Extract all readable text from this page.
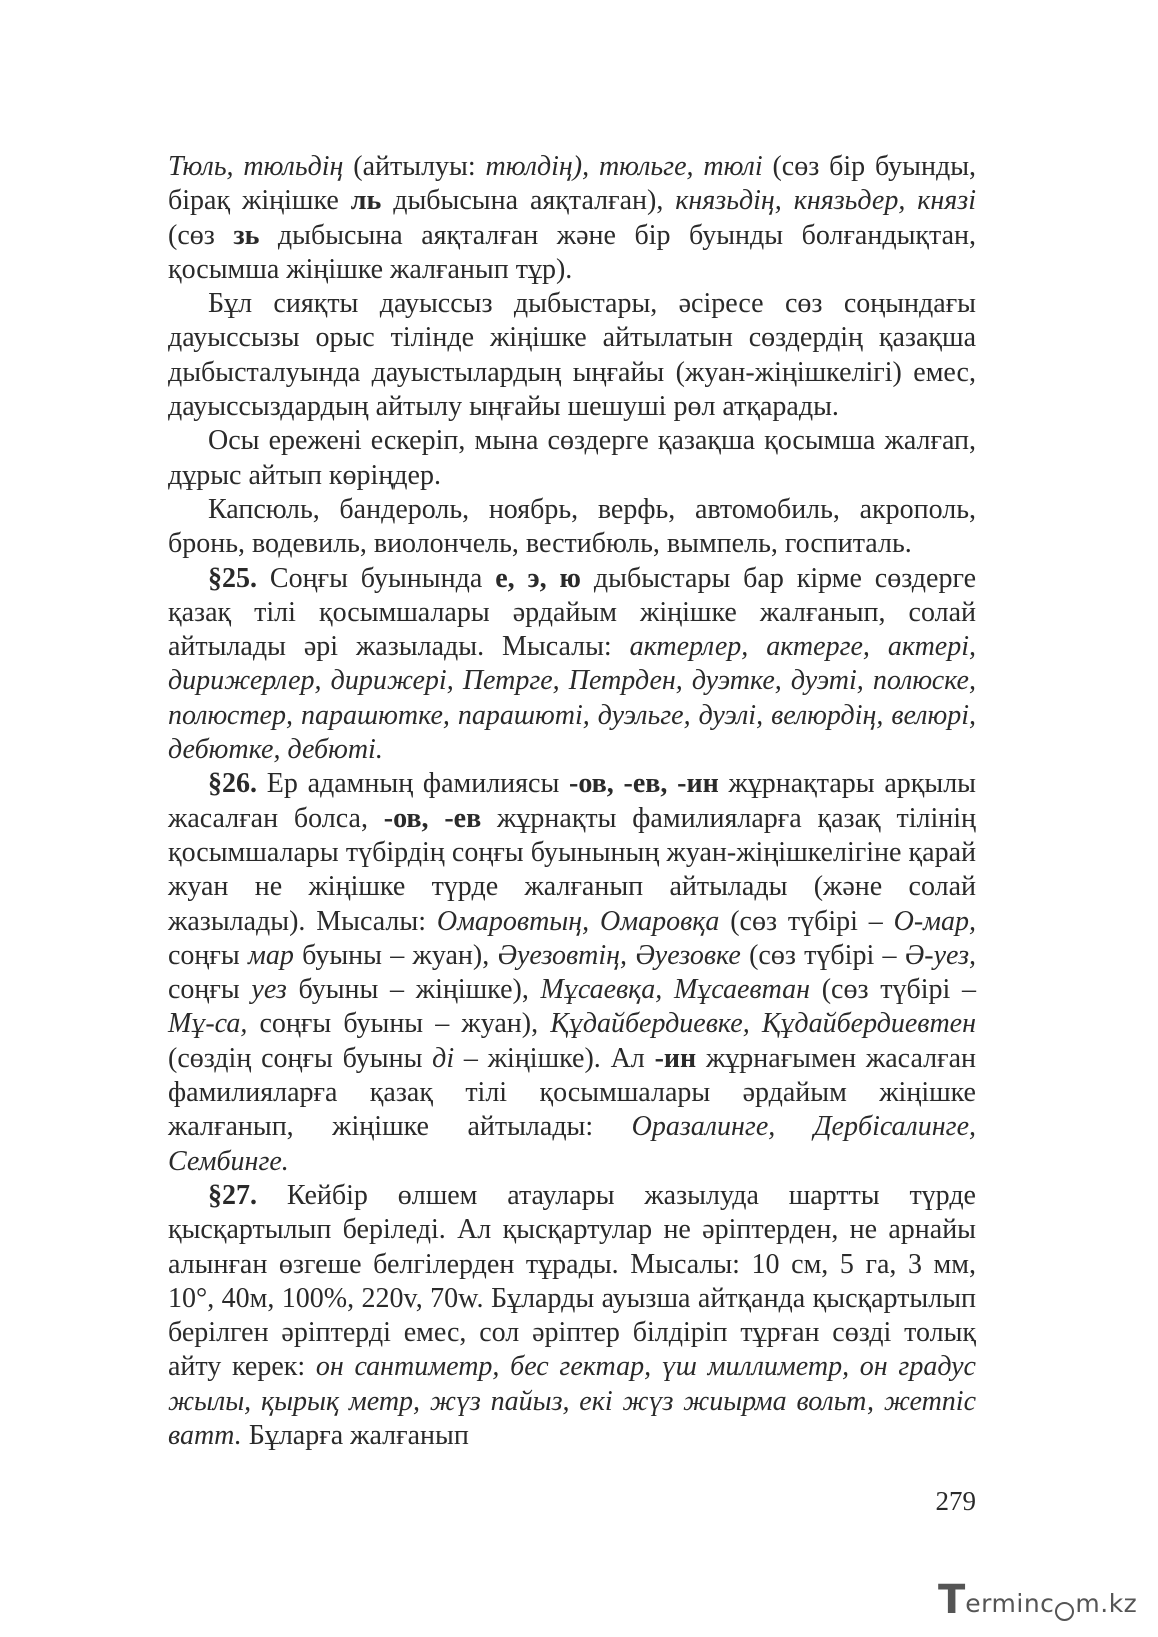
Тюль, тюльдің (айтылуы: тюлдің), тюльге, тюлі (сөз бір буынды, бірақ жіңішке ль дыбысына аяқталған), князьдің, князьдер, князі (сөз зь дыбысына аяқталған және бір буынды болғандықтан, қосымша жіңішке жалғанып тұр).

Бұл сияқты дауыссыз дыбыстары, әсіресе сөз соңындағы дауыссызы орыс тілінде жіңішке айтылатын сөздердің қазақша дыбысталуында дауыстылардың ыңғайы (жуан-жіңішкелігі) емес, дауыссыздардың айтылу ыңғайы шешуші рөл атқарады.

Осы ережені ескеріп, мына сөздерге қазақша қосымша жалғап, дұрыс айтып көріңдер.

Капсюль, бандероль, ноябрь, верфь, автомобиль, акрополь, бронь, водевиль, виолончель, вестибюль, вымпель, госпиталь.

§25. Соңғы буынында е, э, ю дыбыстары бар кірме сөздерге қазақ тілі қосымшалары әрдайым жіңішке жалғанып, солай айтылады әрі жазылады. Мысалы: актерлер, актерге, актері, дирижерлер, дирижері, Петрге, Петрден, дуэтке, дуэті, полюске, полюстер, парашютке, парашюті, дуэльге, дуэлі, велюрдің, велюрі, дебютке, дебюті.

§26. Ер адамның фамилиясы -ов, -ев, -ин жұрнақтары арқылы жасалған болса, -ов, -ев жұрнақты фамилияларға қазақ тілінің қосымшалары түбірдің соңғы буынының жуан-жіңішкелігіне қарай жуан не жіңішке түрде жалғанып айтылады (және солай жазылады). Мысалы: Омаровтың, Омаровқа (сөз түбірі – О-мар, соңғы мар буыны – жуан), Әуезовтің, Әуезовке (сөз түбірі – Ә-уез, соңғы уез буыны – жіңішке), Мұсаевқа, Мұсаевтан (сөз түбірі – Мұ-са, соңғы буыны – жуан), Құдайбердиевке, Құдайбердиевтен (сөздің соңғы буыны ді – жіңішке). Ал -ин жұрнағымен жасалған фамилияларға қазақ тілі қосымшалары әрдайым жіңішке жалғанып, жіңішке айтылады: Оразалинге, Дербісалинге, Сембинге.

§27. Кейбір өлшем атаулары жазылуда шартты түрде қысқартылып беріледі. Ал қысқартулар не әріптерден, не арнайы алынған өзгеше белгілерден тұрады. Мысалы: 10 см, 5 га, 3 мм, 10°, 40м, 100%, 220v, 70w. Бұларды ауызша айтқанда қысқартылып берілген әріптерді емес, сол әріптер білдіріп тұрған сөзді толық айту керек: он сантиметр, бес гектар, үш миллиметр, он градус жылы, қырық метр, жүз пайыз, екі жүз жиырма вольт, жетпіс ватт. Бұларға жалғанып

279
T erminc m.kz
